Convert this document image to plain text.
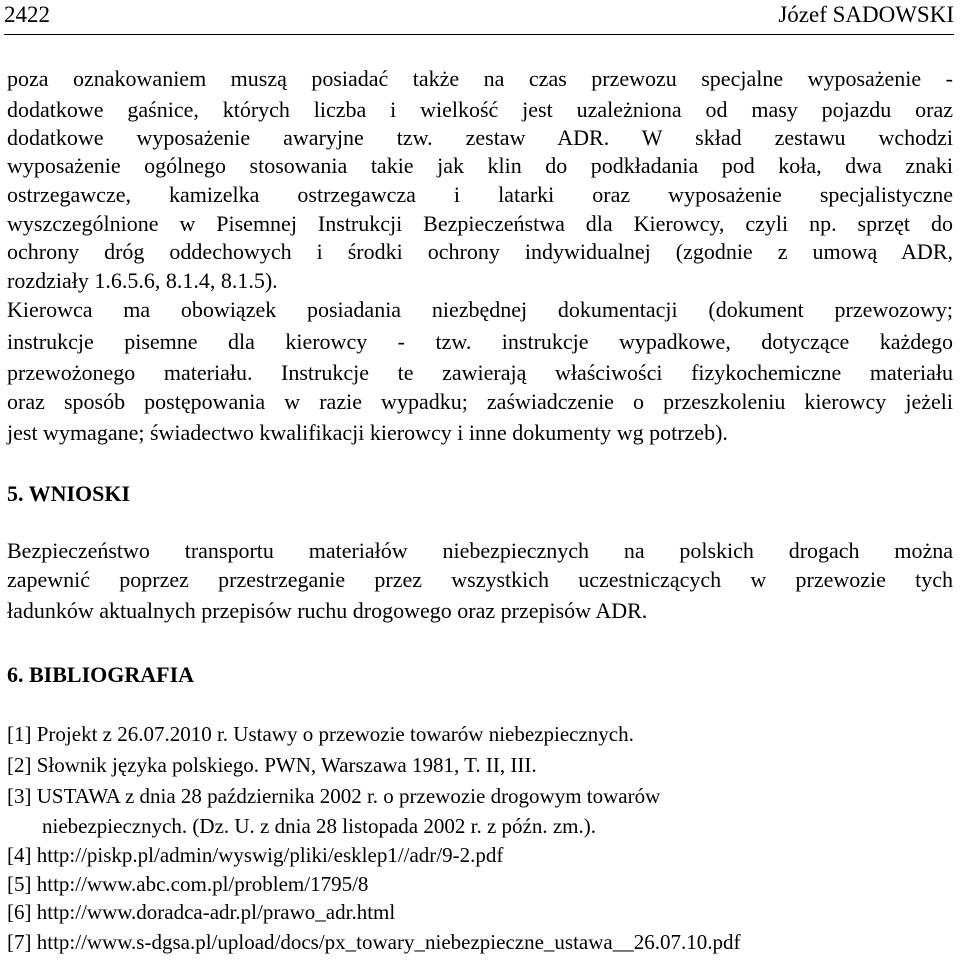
2422	Józef SADOWSKI
poza oznakowaniem muszą posiadać także na czas przewozu specjalne wyposażenie -
dodatkowe gaśnice, których liczba i wielkość jest uzależniona od masy pojazdu oraz
dodatkowe wyposażenie awaryjne tzw. zestaw ADR. W skład zestawu wchodzi
wyposażenie ogólnego stosowania takie jak klin do podkładania pod koła, dwa znaki
ostrzegawcze, kamizelka ostrzegawcza i latarki oraz wyposażenie specjalistyczne
wyszczególnione w Pisemnej Instrukcji Bezpieczeństwa dla Kierowcy, czyli np. sprzęt do
ochrony dróg oddechowych i środki ochrony indywidualnej (zgodnie z umową ADR,
rozdziały 1.6.5.6, 8.1.4, 8.1.5).
Kierowca ma obowiązek posiadania niezbędnej dokumentacji (dokument przewozowy;
instrukcje pisemne dla kierowcy - tzw. instrukcje wypadkowe, dotyczące każdego
przewożonego materiału. Instrukcje te zawierają właściwości fizykochemiczne materiału
oraz sposób postępowania w razie wypadku; zaświadczenie o przeszkoleniu kierowcy jeżeli
jest wymagane; świadectwo kwalifikacji kierowcy i inne dokumenty wg potrzeb).
5. WNIOSKI
Bezpieczeństwo transportu materiałów niebezpiecznych na polskich drogach można
zapewnić poprzez przestrzeganie przez wszystkich uczestniczących w przewozie tych
ładunków aktualnych przepisów ruchu drogowego oraz przepisów ADR.
6. BIBLIOGRAFIA
[1] Projekt z 26.07.2010 r. Ustawy o przewozie towarów niebezpiecznych.
[2] Słownik języka polskiego. PWN, Warszawa 1981, T. II, III.
[3] USTAWA z dnia 28 października 2002 r. o przewozie drogowym towarów
niebezpiecznych. (Dz. U. z dnia 28 listopada 2002 r. z późn. zm.).
[4] http://piskp.pl/admin/wyswig/pliki/esklep1//adr/9-2.pdf
[5] http://www.abc.com.pl/problem/1795/8
[6] http://www.doradca-adr.pl/prawo_adr.html
[7] http://www.s-dgsa.pl/upload/docs/px_towary_niebezpieczne_ustawa__26.07.10.pdf
